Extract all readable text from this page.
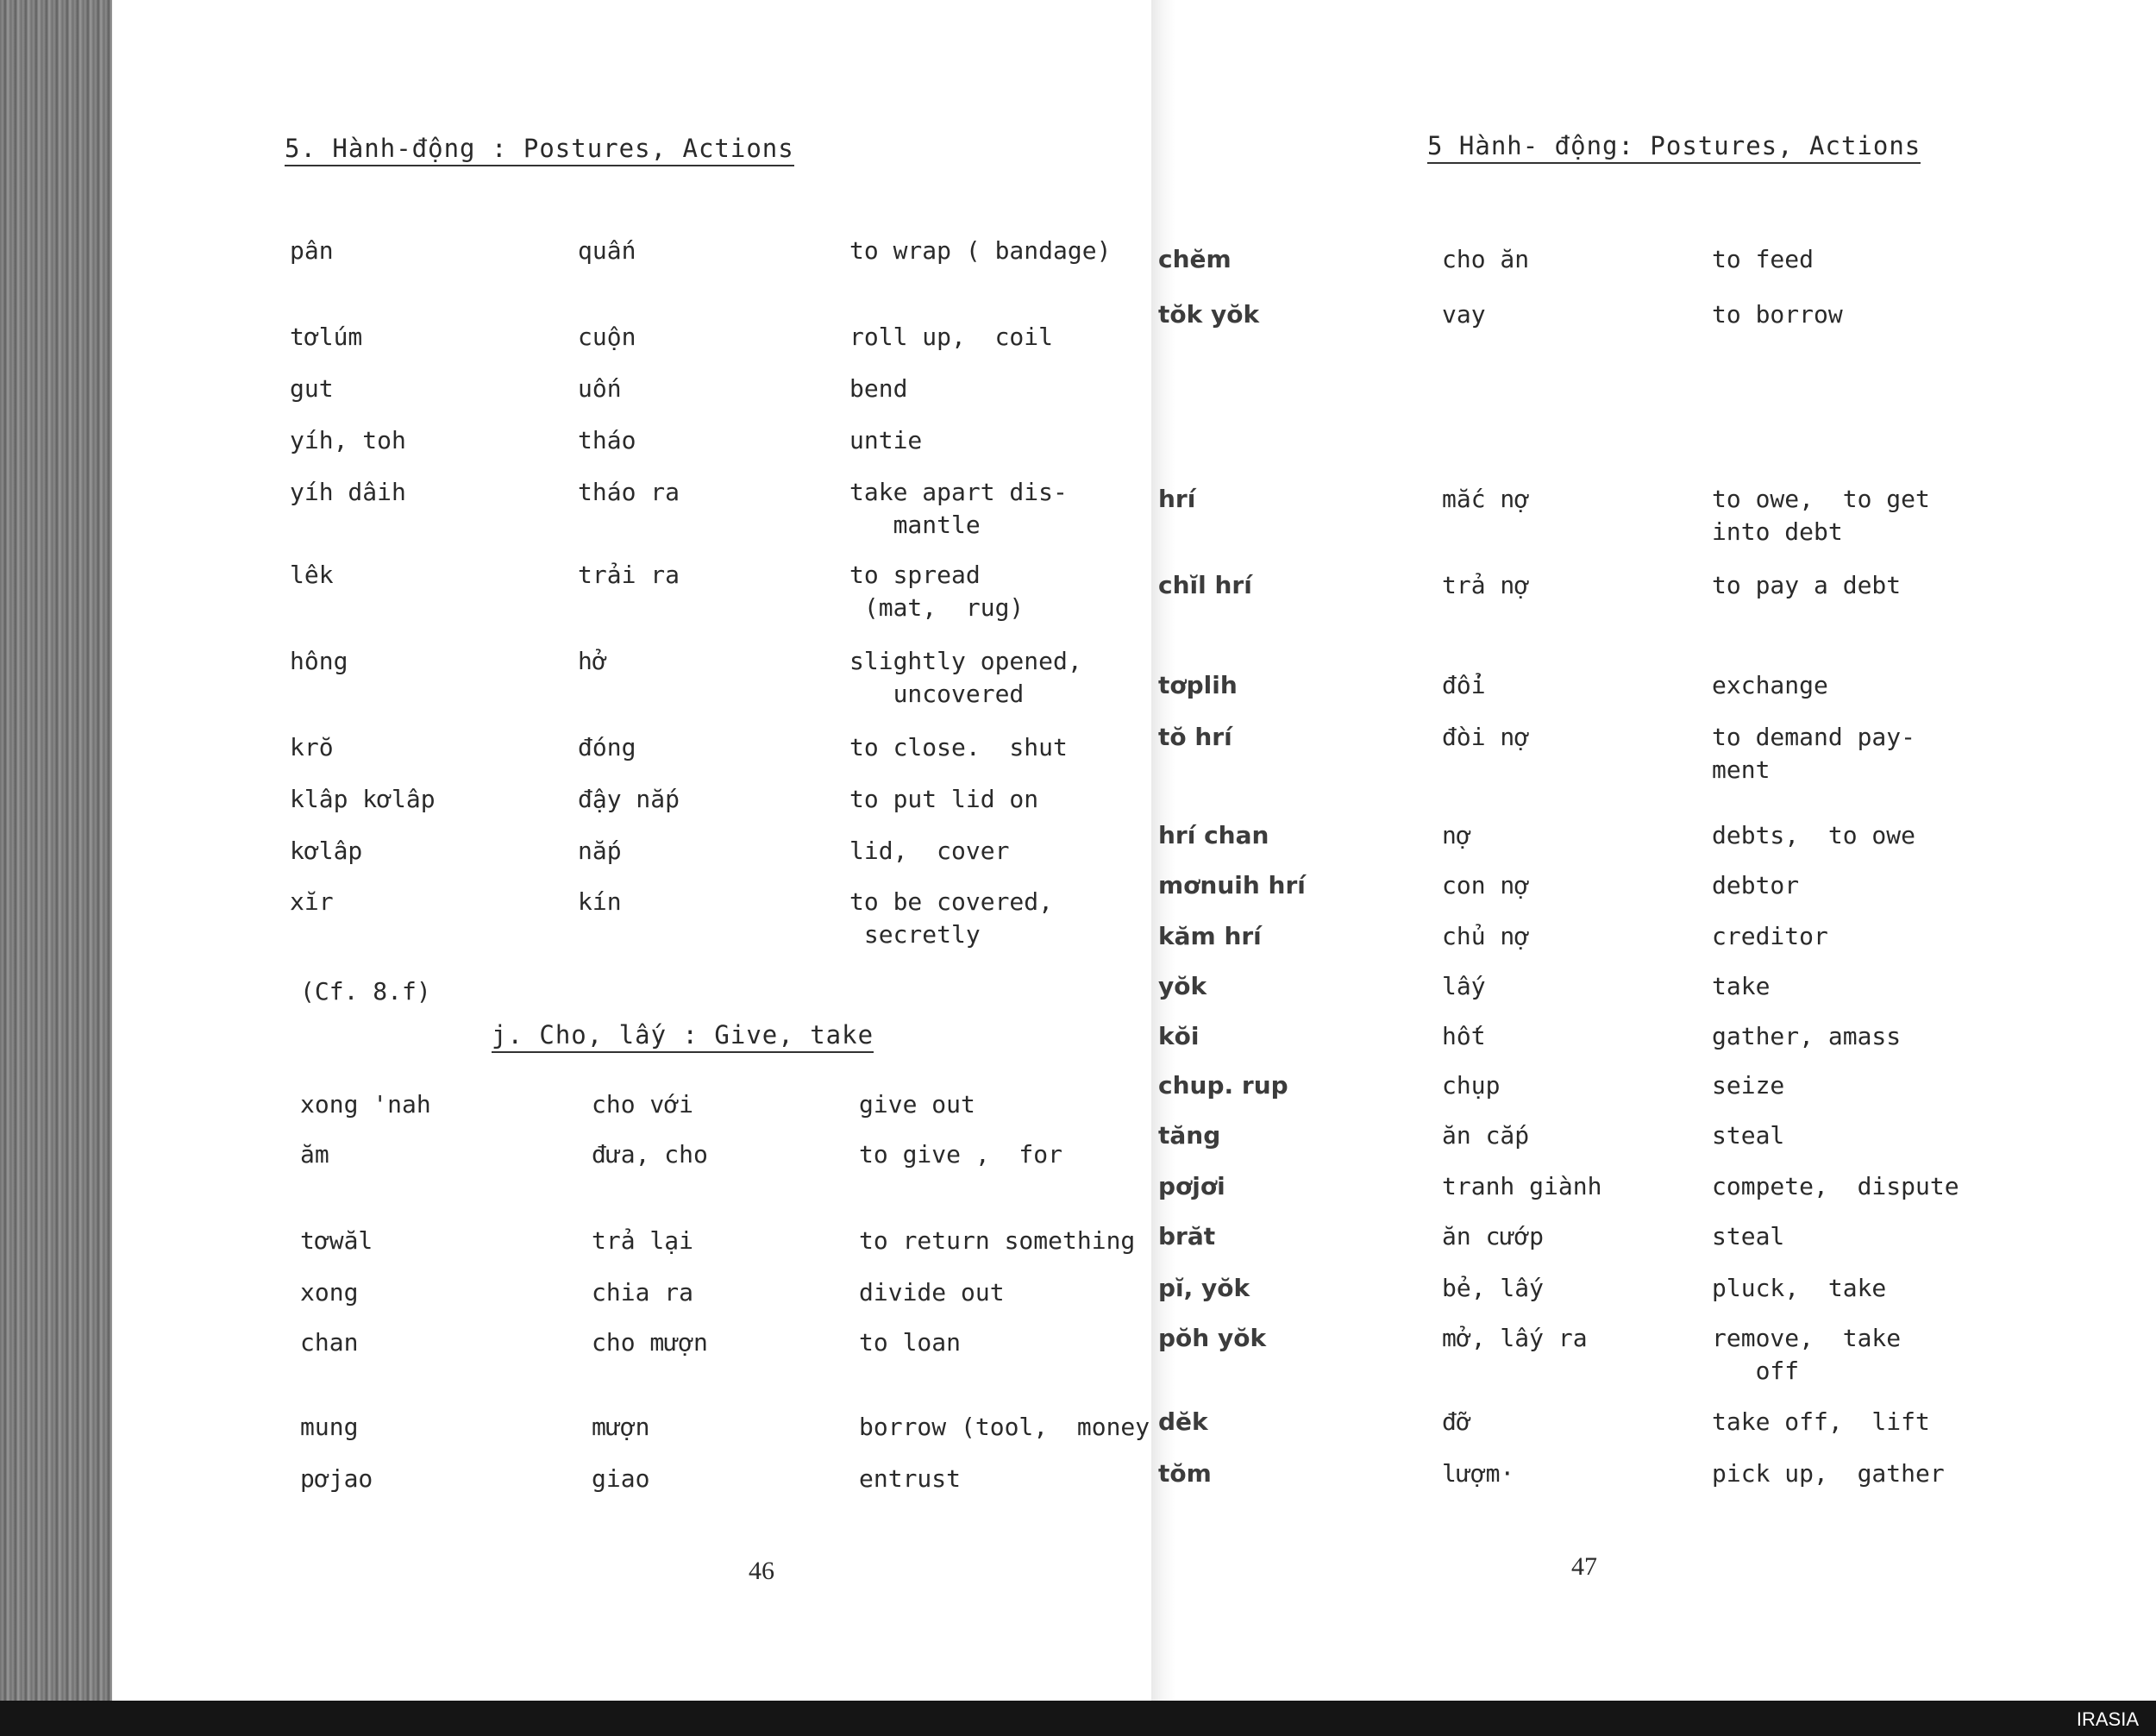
5. Hành-động : Postures, Actions
pân	quấn	to wrap ( bandage)
tơlúm	cuộn	roll up,  coil
gut	uốn	bend
yíh, toh	tháo	untie
yíh dâih	tháo ra	take apart dis-
mantle
lêk	trải ra	to spread
(mat,  rug)
hông	hở	slightly opened,
uncovered
krŏ	đóng	to close.  shut
klâp kơlâp	đậy nắp	to put lid on
kơlâp	nắp	lid,  cover
xĭr	kín	to be covered,
secretly
(Cf. 8.f)
j. Cho, lấy : Give, take
xong 'nah	cho với	give out
ăm	đưa, cho	to give ,  for
tơwăl	trả lại	to return something
xong	chia ra	divide out
chan	cho mượn	to loan
mung	mượn	borrow (tool,  money
pơjao	giao	entrust
46
5 Hành- động: Postures, Actions
chĕm	cho ăn	to feed
tŏk yŏk	vay	to borrow
hrí	mắc nợ	to owe,  to get
into debt
chĭl hrí	trả nợ	to pay a debt
tơplih	đổi	exchange
tŏ hrí	đòi nợ	to demand pay-
ment
hrí chan	nợ	debts,  to owe
mơnuih hrí	con nợ	debtor
kăm hrí	chủ nợ	creditor
yŏk	lấy	take
kŏi	hốt	gather, amass
chup. rup	chụp	seize
tăng	ăn cắp	steal
pơjơi	tranh giành	compete,  dispute
brăt	ăn cướp	steal
pĭ, yŏk	bẻ, lấy	pluck,  take
pŏh yŏk	mở, lấy ra	remove,  take
off
dĕk	đỡ	take off,  lift
tŏm	lượm·	pick up,  gather
47
IRASIA
